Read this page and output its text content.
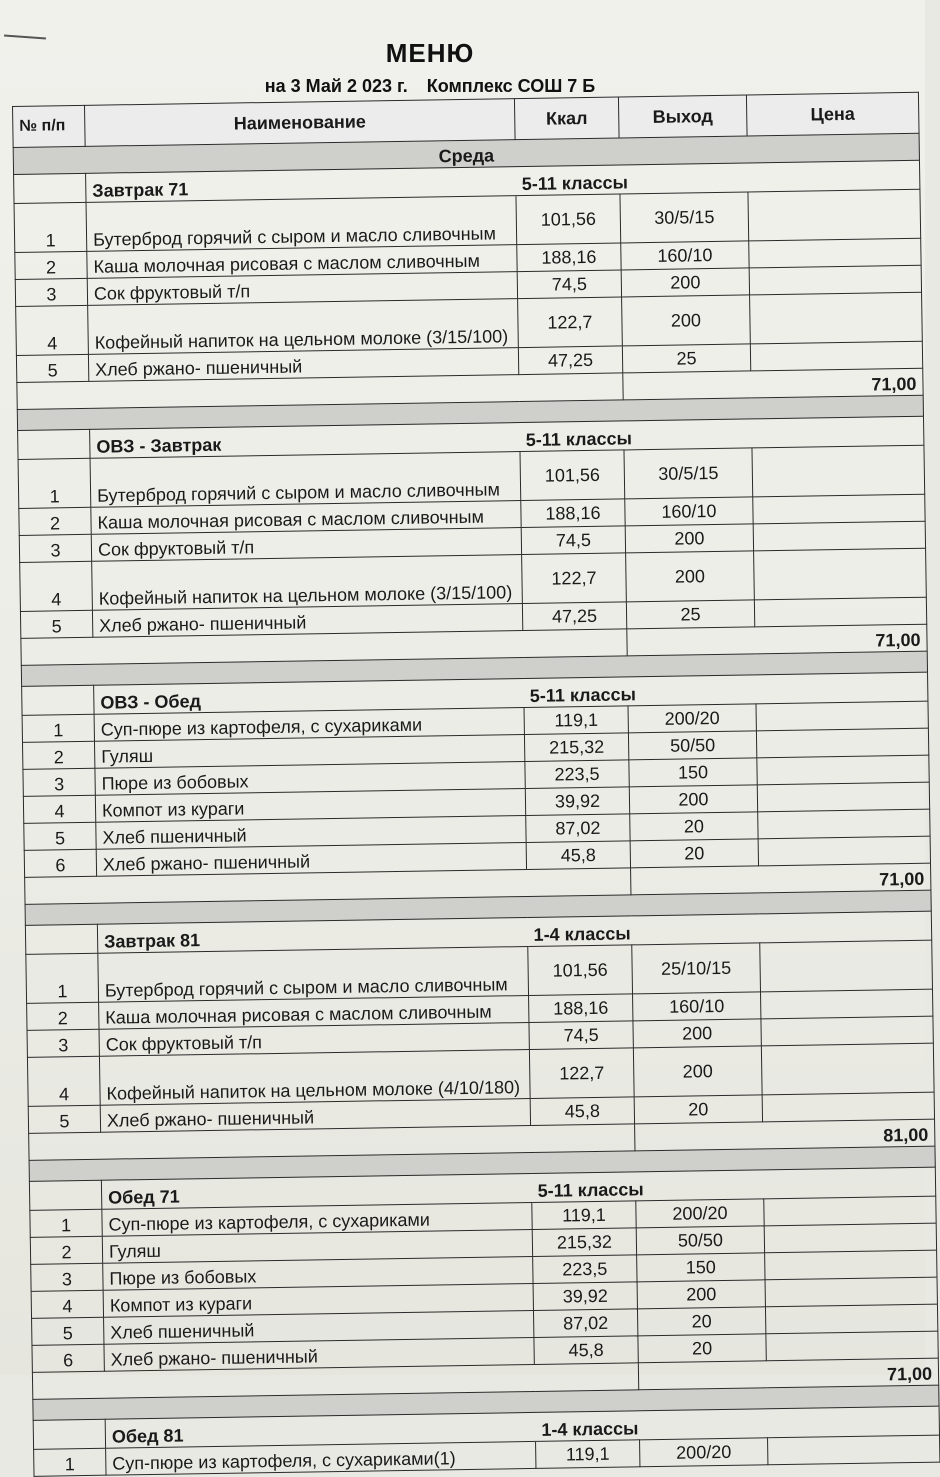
МЕНЮ
на 3 Май 2 023 г. Комплекс СОШ 7 Б
№ п/п	Наименование	Ккал	Выход	Цена
Среда				
	Завтрак 71	5-11 классы		
1	Бутерброд горячий с сыром и масло сливочным	101,56	30/5/15	
2	Каша молочная рисовая с маслом сливочным	188,16	160/10	
3	Сок фруктовый т/п	74,5	200	
4	Кофейный напиток на цельном молоке (3/15/100)	122,7	200	
5	Хлеб ржано- пшеничный	47,25	25	
			71,00	

	ОВЗ - Завтрак	5-11 классы		
1	Бутерброд горячий с сыром и масло сливочным	101,56	30/5/15	
2	Каша молочная рисовая с маслом сливочным	188,16	160/10	
3	Сок фруктовый т/п	74,5	200	
4	Кофейный напиток на цельном молоке (3/15/100)	122,7	200	
5	Хлеб ржано- пшеничный	47,25	25	
			71,00	

	ОВЗ - Обед	5-11 классы		
1	Суп-пюре из картофеля, с сухариками	119,1	200/20	
2	Гуляш	215,32	50/50	
3	Пюре из бобовых	223,5	150	
4	Компот из кураги	39,92	200	
5	Хлеб пшеничный	87,02	20	
6	Хлеб ржано- пшеничный	45,8	20	
			71,00	

	Завтрак 81	1-4 классы		
1	Бутерброд горячий с сыром и масло сливочным	101,56	25/10/15	
2	Каша молочная рисовая с маслом сливочным	188,16	160/10	
3	Сок фруктовый т/п	74,5	200	
4	Кофейный напиток на цельном молоке (4/10/180)	122,7	200	
5	Хлеб ржано- пшеничный	45,8	20	
			81,00	

	Обед 71	5-11 классы		
1	Суп-пюре из картофеля, с сухариками	119,1	200/20	
2	Гуляш	215,32	50/50	
3	Пюре из бобовых	223,5	150	
4	Компот из кураги	39,92	200	
5	Хлеб пшеничный	87,02	20	
6	Хлеб ржано- пшеничный	45,8	20	
			71,00	

	Обед 81	1-4 классы		
1	Суп-пюре из картофеля, с сухариками(1)	119,1	200/20	
